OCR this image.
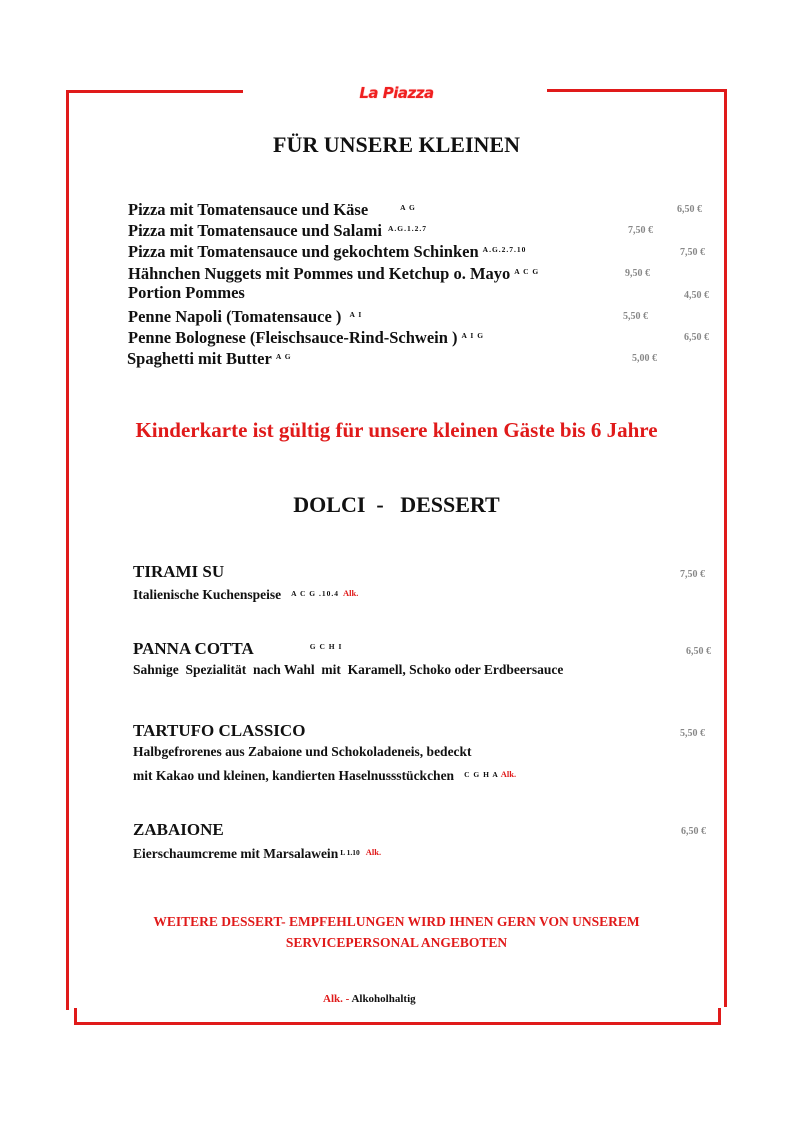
La Piazza
FÜR UNSERE KLEINEN
Pizza mit Tomatensauce und Käse	$^{A G}$	6,50 €
Pizza mit Tomatensauce und Salami $^{A.G.1.2.7}$	7,50 €
Pizza mit Tomatensauce und gekochtem Schinken $^{A.G.2.7.10}$	7,50 €
Hähnchen Nuggets mit Pommes und Ketchup o. Mayo $^{A C G}$	9,50 €
Portion Pommes	4,50 €
Penne Napoli (Tomatensauce ) $^{A I}$	5,50 €
Penne Bolognese (Fleischsauce-Rind-Schwein ) $^{A I G}$	6,50 €
Spaghetti mit Butter $^{A G}$	5,00 €
Kinderkarte ist gültig für unsere kleinen Gäste bis 6 Jahre
DOLCI  -   DESSERT
TIRAMI SU	7,50 €
Italienische Kuchenspeise $^{A C G .10.4}$ $^{Alk.}$
PANNA COTTA	$^{G C H I}$	6,50 €
Sahnige  Spezialität  nach Wahl  mit  Karamell, Schoko oder Erdbeersauce
TARTUFO CLASSICO	5,50 €
Halbgefrorenes aus Zabaione und Schokoladeneis, bedeckt
mit Kakao und kleinen, kandierten Haselnussstückchen $^{C G H A}$ $^{Alk.}$
ZABAIONE	6,50 €
Eierschaumcreme mit Marsalawein $^{L 1.10}$ $^{Alk.}$
WEITERE DESSERT- EMPFEHLUNGEN WIRD IHNEN GERN VON UNSEREM
SERVICEPERSONAL ANGEBOTEN
Alk. - Alkoholhaltig
